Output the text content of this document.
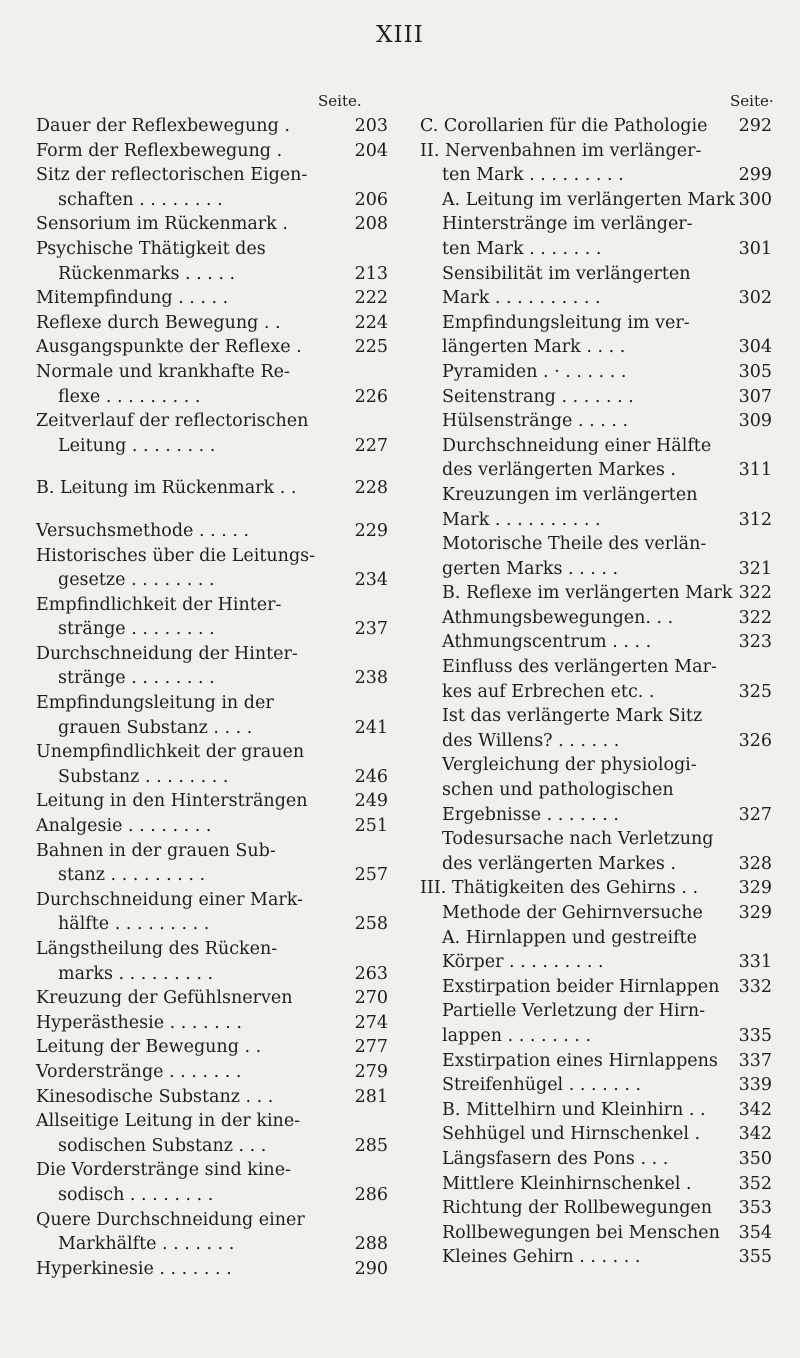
XIII
Seite.	Seite·
Dauer der Reflexbewegung .	203
Form der Reflexbewegung .	204
Sitz der reflectorischen Eigen-
schaften . . . . . . . .	206
Sensorium im Rückenmark .	208
Psychische Thätigkeit des
Rückenmarks . . . . .	213
Mitempfindung . . . . .	222
Reflexe durch Bewegung . .	224
Ausgangspunkte der Reflexe .	225
Normale und krankhafte Re-
flexe . . . . . . . . .	226
Zeitverlauf der reflectorischen
Leitung . . . . . . . .	227
B. Leitung im Rückenmark . .	228
Versuchsmethode . . . . .	229
Historisches über die Leitungs-
gesetze . . . . . . . .	234
Empfindlichkeit der Hinter-
stränge . . . . . . . .	237
Durchschneidung der Hinter-
stränge . . . . . . . .	238
Empfindungsleitung in der
grauen Substanz . . . .	241
Unempfindlichkeit der grauen
Substanz . . . . . . . .	246
Leitung in den Hintersträngen	249
Analgesie . . . . . . . .	251
Bahnen in der grauen Sub-
stanz . . . . . . . . .	257
Durchschneidung einer Mark-
hälfte . . . . . . . . .	258
Längstheilung des Rücken-
marks . . . . . . . . .	263
Kreuzung der Gefühlsnerven	270
Hyperästhesie . . . . . . .	274
Leitung der Bewegung . .	277
Vorderstränge . . . . . . .	279
Kinesodische Substanz . . .	281
Allseitige Leitung in der kine-
sodischen Substanz . . .	285
Die Vorderstränge sind kine-
sodisch . . . . . . . .	286
Quere Durchschneidung einer
Markhälfte . . . . . . .	288
Hyperkinesie . . . . . . .	290
C. Corollarien für die Pathologie	292
II. Nervenbahnen im verlänger-
ten Mark . . . . . . . . .	299
A. Leitung im verlängerten Mark 300
Hinterstränge im verlänger-
ten Mark . . . . . . .	301
Sensibilität im verlängerten
Mark . . . . . . . . . .	302
Empfindungsleitung im ver-
längerten Mark . . . .	304
Pyramiden . · . . . . . .	305
Seitenstrang . . . . . . .	307
Hülsenstränge . . . . .	309
Durchschneidung einer Hälfte
des verlängerten Markes .	311
Kreuzungen im verlängerten
Mark . . . . . . . . . .	312
Motorische Theile des verlän-
gerten Marks . . . . .	321
B. Reflexe im verlängerten Mark 322
Athmungsbewegungen. . .	322
Athmungscentrum . . . .	323
Einfluss des verlängerten Mar-
kes auf Erbrechen etc. .	325
Ist das verlängerte Mark Sitz
des Willens? . . . . . .	326
Vergleichung der physiologi-
schen und pathologischen
Ergebnisse . . . . . . .	327
Todesursache nach Verletzung
des verlängerten Markes .	328
III. Thätigkeiten des Gehirns . .	329
Methode der Gehirnversuche	329
A. Hirnlappen und gestreifte
Körper . . . . . . . . .	331
Exstirpation beider Hirnlappen	332
Partielle Verletzung der Hirn-
lappen . . . . . . . .	335
Exstirpation eines Hirnlappens	337
Streifenhügel . . . . . . .	339
B. Mittelhirn und Kleinhirn . .	342
Sehhügel und Hirnschenkel .	342
Längsfasern des Pons . . .	350
Mittlere Kleinhirnschenkel .	352
Richtung der Rollbewegungen	353
Rollbewegungen bei Menschen	354
Kleines Gehirn . . . . . .	355
